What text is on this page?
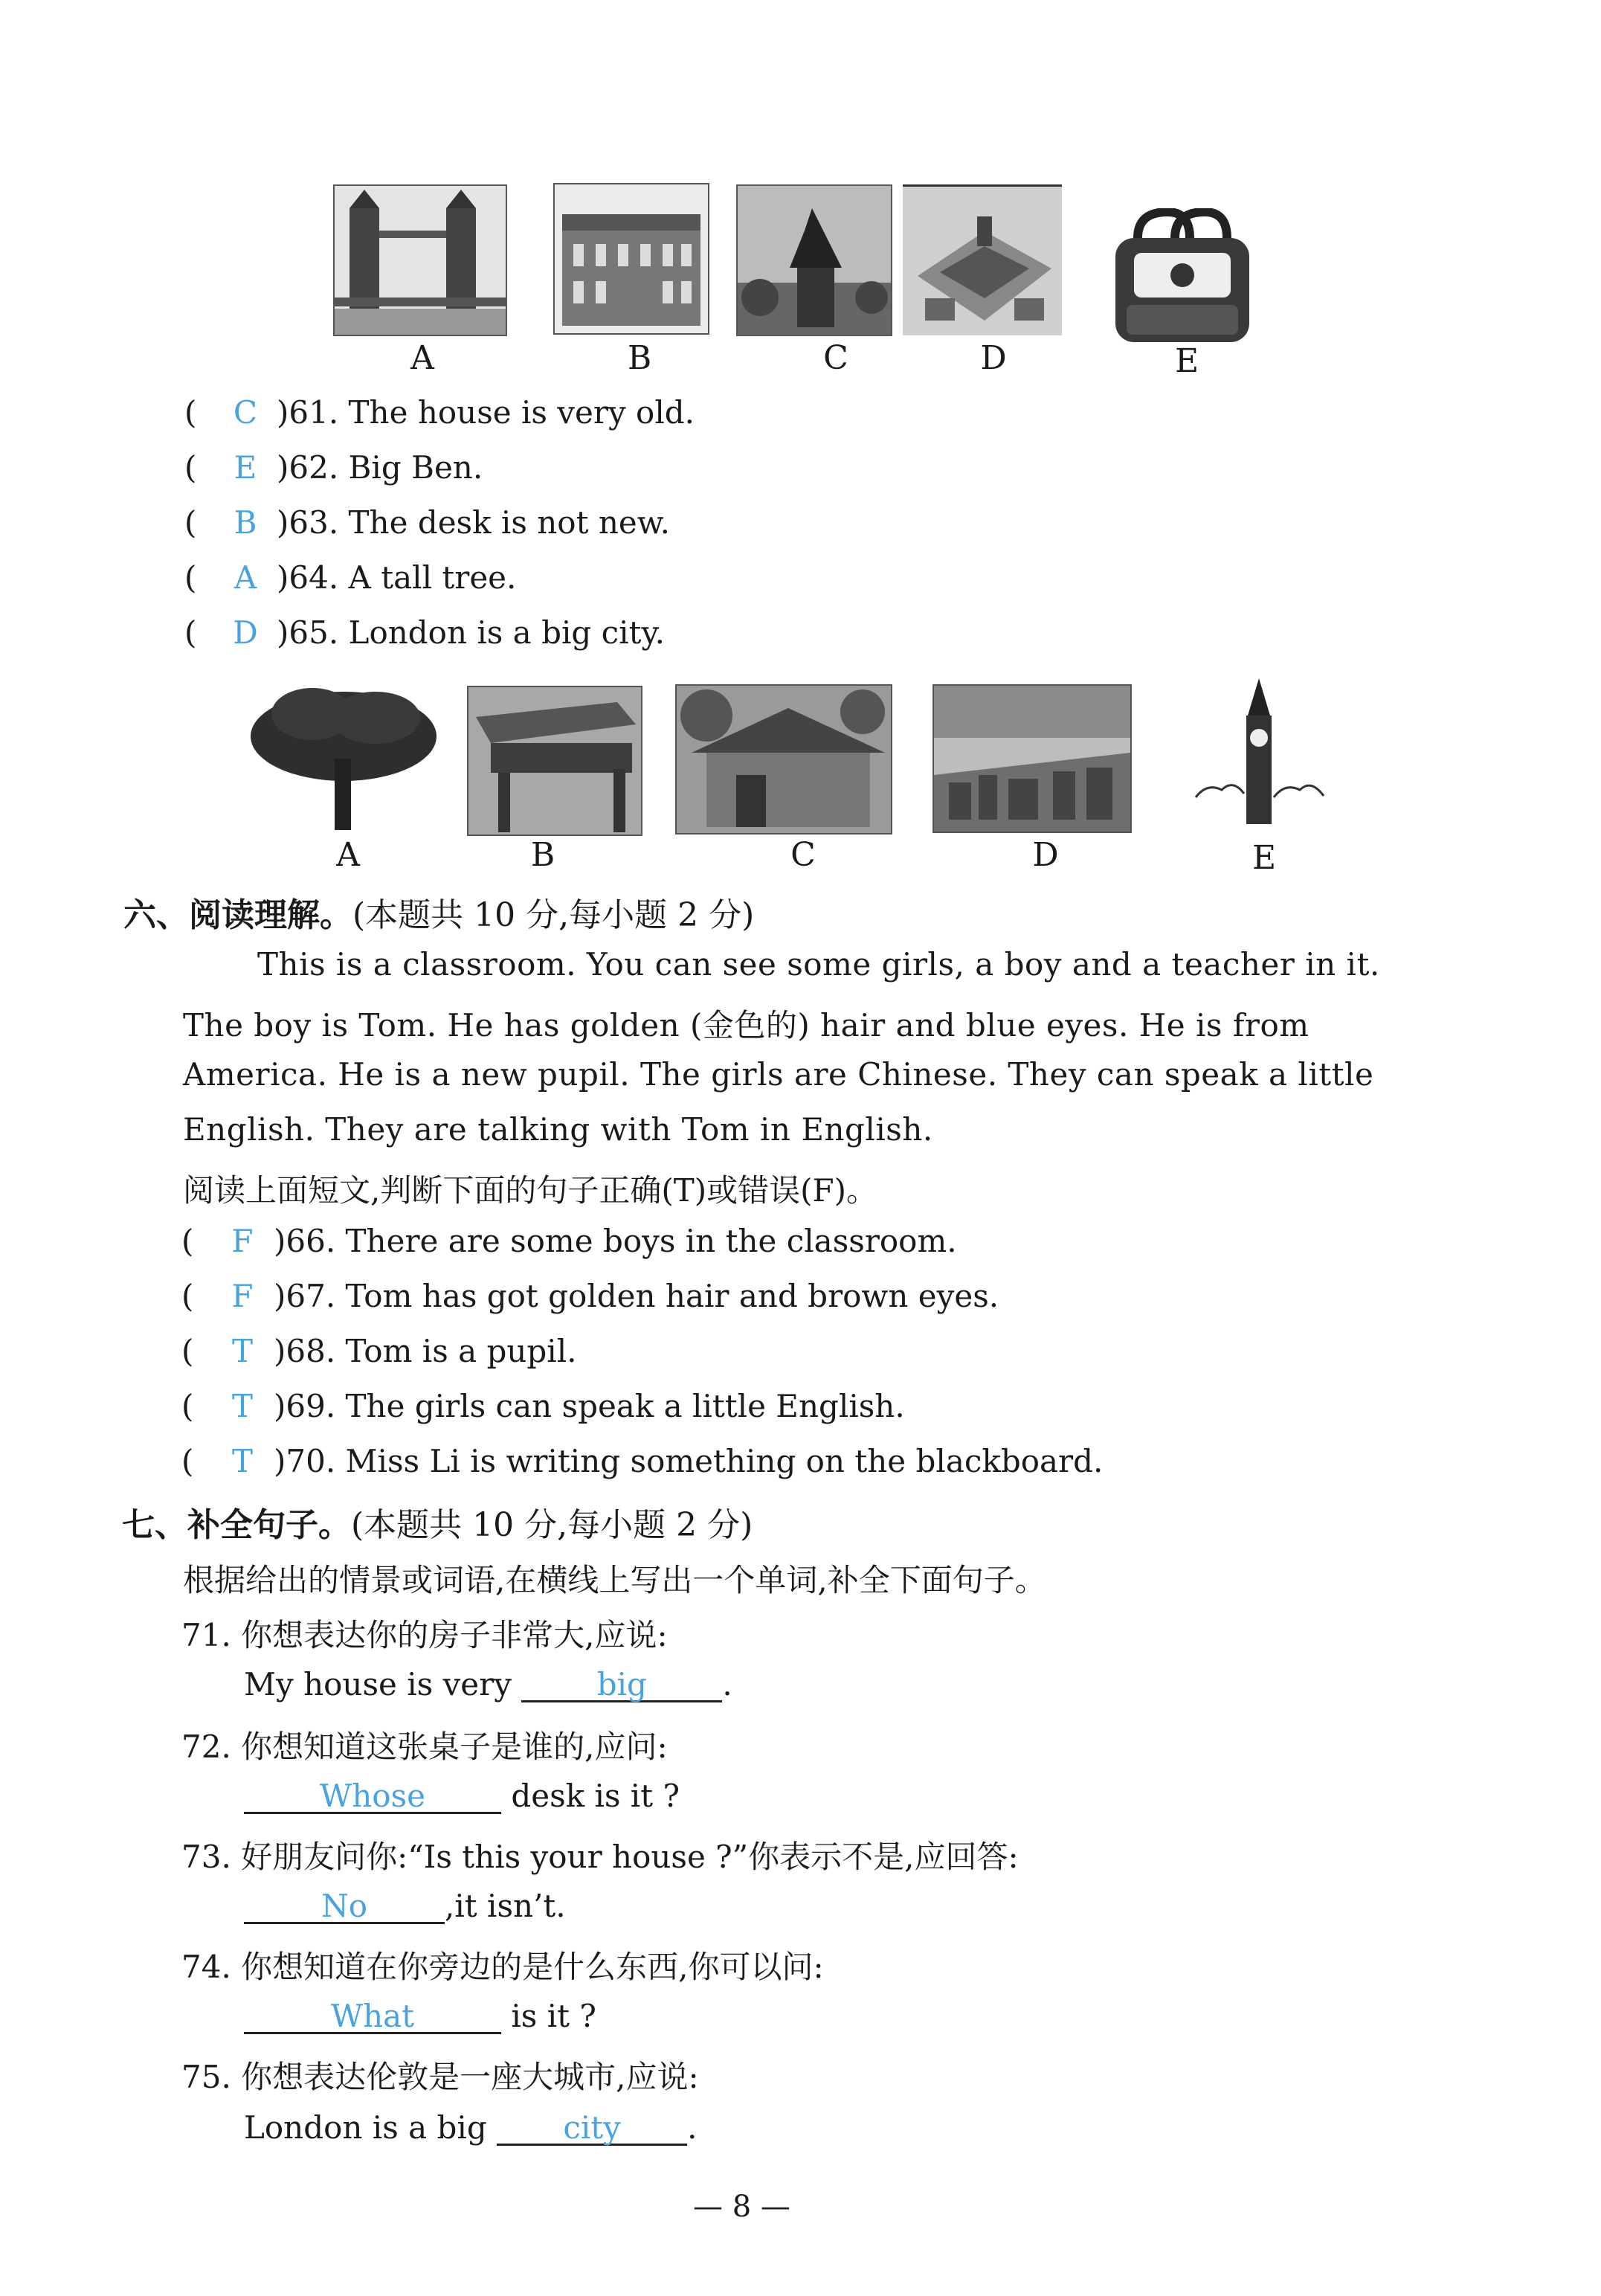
A	B	C	D	E
( C )61. The house is very old.
( E )62. Big Ben.
( B )63. The desk is not new.
( A )64. A tall tree.
( D )65. London is a big city.
A	B	C	D	E
六、阅读理解。(本题共 10 分,每小题 2 分)
This is a classroom. You can see some girls, a boy and a teacher in it.
The boy is Tom. He has golden (金色的) hair and blue eyes. He is from
America. He is a new pupil. The girls are Chinese. They can speak a little
English. They are talking with Tom in English.
阅读上面短文,判断下面的句子正确(T)或错误(F)。
( F )66. There are some boys in the classroom.
( F )67. Tom has got golden hair and brown eyes.
( T )68. Tom is a pupil.
( T )69. The girls can speak a little English.
( T )70. Miss Li is writing something on the blackboard.
七、补全句子。(本题共 10 分,每小题 2 分)
根据给出的情景或词语,在横线上写出一个单词,补全下面句子。
71. 你想表达你的房子非常大,应说:
My house is very	big .
72. 你想知道这张桌子是谁的,应问:
Whose	desk is it ?
73. 好朋友问你:“Is this your house ?”你表示不是,应回答:
No ,it isn’t.
74. 你想知道在你旁边的是什么东西,你可以问:
What	is it ?
75. 你想表达伦敦是一座大城市,应说:
London is a big city .
— 8 —
